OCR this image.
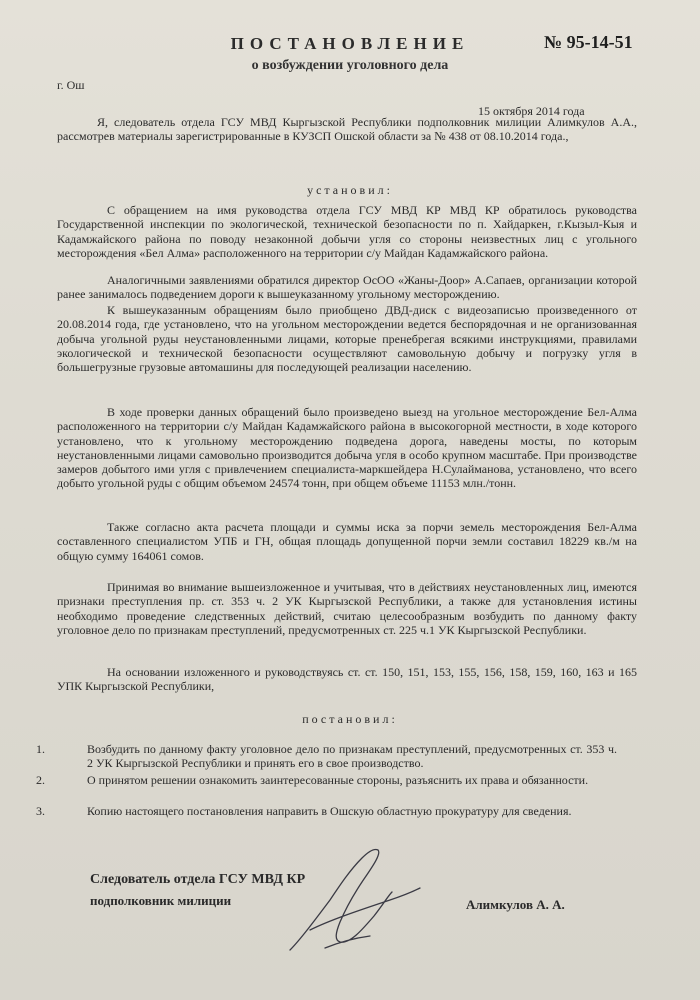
ПОСТАНОВЛЕНИЕ	№ 95-14-51
о возбуждении уголовного дела
г. Ош
15 октября 2014 года
Я, следователь отдела ГСУ МВД Кыргызской Республики подполковник милиции Алимкулов А.А., рассмотрев материалы зарегистрированные в КУЗСП Ошской области за № 438 от 08.10.2014 года.,
установил:
С обращением на имя руководства отдела ГСУ МВД КР МВД КР обратилось руководства Государственной инспекции по экологической, технической безопасности по п. Хайдаркен, г.Кызыл-Кыя и Кадамжайского района по поводу незаконной добычи угля со стороны неизвестных лиц с угольного месторождения «Бел Алма» расположенного на территории с/у Майдан Кадамжайского района.
Аналогичными заявлениями обратился директор ОсОО «Жаны-Доор» А.Сапаев, организации которой ранее занималось подведением дороги к вышеуказанному угольному месторождению.
К вышеуказанным обращениям было приобщено ДВД-диск с видеозаписью произведенного от 20.08.2014 года, где установлено, что на угольном месторождении ведется беспорядочная и не организованная добыча угольной руды неустановленными лицами, которые пренебрегая всякими инструкциями, правилами экологической и технической безопасности осуществляют самовольную добычу и погрузку угля в большегрузные грузовые автомашины для последующей реализации населению.
В ходе проверки данных обращений было произведено выезд на угольное месторождение Бел-Алма расположенного на территории с/у Майдан Кадамжайского района в высокогорной местности, в ходе которого установлено, что к угольному месторождению подведена дорога, наведены мосты, по которым неустановленными лицами самовольно производится добыча угля в особо крупном масштабе. При производстве замеров добытого ими угля с привлечением специалиста-маркшейдера Н.Сулайманова, установлено, что всего добыто угольной руды с общим объемом 24574 тонн, при общем объеме 11153 млн./тонн.
Также согласно акта расчета площади и суммы иска за порчи земель месторождения Бел-Алма составленного специалистом УПБ и ГН, общая площадь допущенной порчи земли составил 18229 кв./м на общую сумму 164061 сомов.
Принимая во внимание вышеизложенное и учитывая, что в действиях неустановленных лиц, имеются признаки преступления пр. ст. 353 ч. 2 УК Кыргызской Республики, а также для установления истины необходимо проведение следственных действий, считаю целесообразным возбудить по данному факту уголовное дело по признакам преступлений, предусмотренных ст. 225 ч.1 УК Кыргызской Республики.
На основании изложенного и руководствуясь ст. ст. 150, 151, 153, 155, 156, 158, 159, 160, 163 и 165 УПК Кыргызской Республики,
постановил:
1.	Возбудить по данному факту уголовное дело по признакам преступлений, предусмотренных ст. 353 ч. 2 УК Кыргызской Республики и принять его в свое производство.
2.	О принятом решении ознакомить заинтересованные стороны, разъяснить их права и обязанности.
3.	Копию настоящего постановления направить в Ошскую областную прокуратуру для сведения.
Следователь отдела ГСУ МВД КР
подполковник милиции	Алимкулов А. А.
